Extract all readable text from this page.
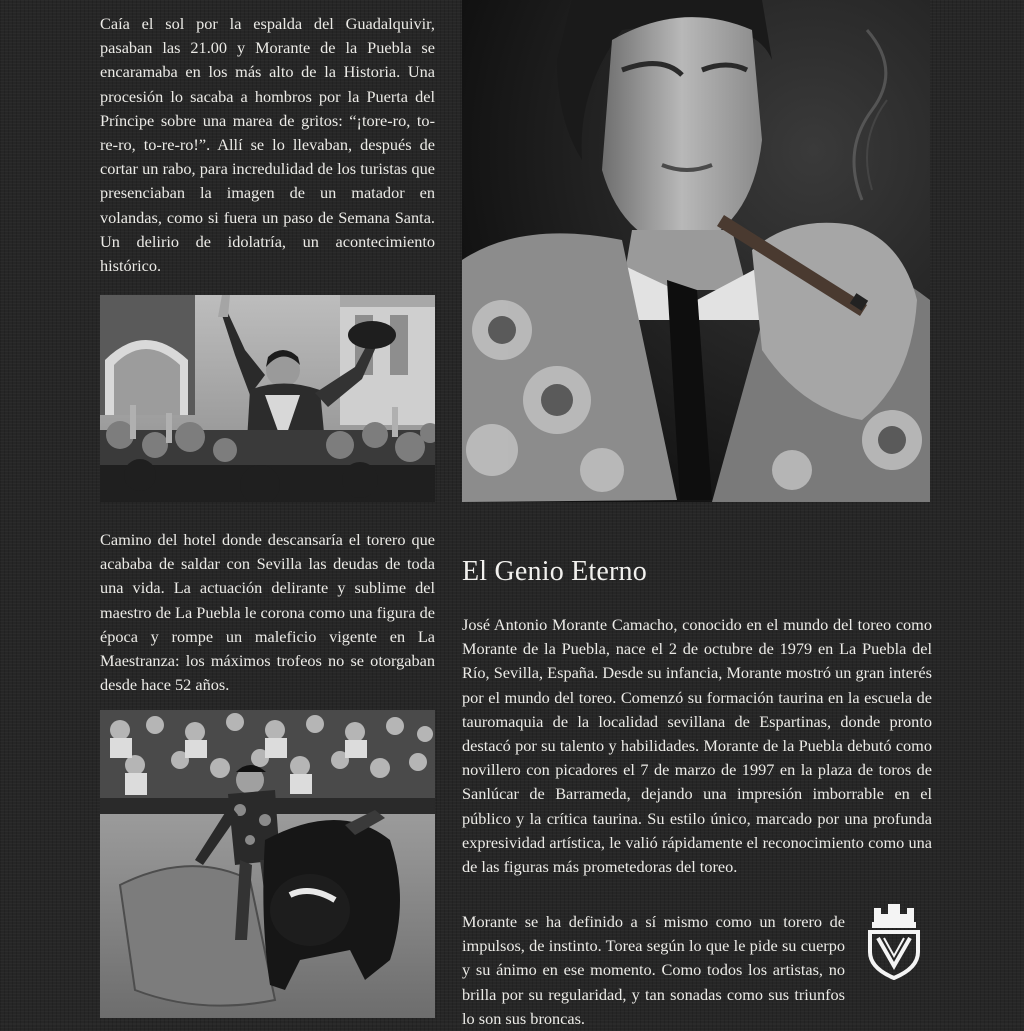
Caía el sol por la espalda del Guadalquivir, pasaban las 21.00 y Morante de la Puebla se encaramaba en los más alto de la Historia. Una procesión lo sacaba a hombros por la Puerta del Príncipe sobre una marea de gritos: “¡tore-ro, to-re-ro, to-re-ro!”. Allí se lo llevaban, después de cortar un rabo, para incredulidad de los turistas que presenciaban la imagen de un matador en volandas, como si fuera un paso de Semana Santa. Un delirio de idolatría, un acontecimiento histórico.

El Genio Eterno

Camino del hotel donde descansaría el torero que acababa de saldar con Sevilla las deudas de toda una vida. La actuación delirante y sublime del maestro de La Puebla le corona como una figura de época y rompe un maleficio vigente en La Maestranza: los máximos trofeos no se otorgaban desde hace 52 años.

José Antonio Morante Camacho, conocido en el mundo del toreo como Morante de la Puebla, nace el 2 de octubre de 1979 en La Puebla del Río, Sevilla, España. Desde su infancia, Morante mostró un gran interés por el mundo del toreo. Comenzó su formación taurina en la escuela de tauromaquia de la localidad sevillana de Espartinas, donde pronto destacó por su talento y habilidades. Morante de la Puebla debutó como novillero con picadores el 7 de marzo de 1997 en la plaza de toros de Sanlúcar de Barrameda, dejando una impresión imborrable en el público y la crítica taurina. Su estilo único, marcado por una profunda expresividad artística, le valió rápidamente el reconocimiento como una de las figuras más prometedoras del toreo.

Morante se ha definido a sí mismo como un torero de impulsos, de instinto. Torea según lo que le pide su cuerpo y su ánimo en ese momento. Como todos los artistas, no brilla por su regularidad, y tan sonadas como sus triunfos lo son sus broncas.
